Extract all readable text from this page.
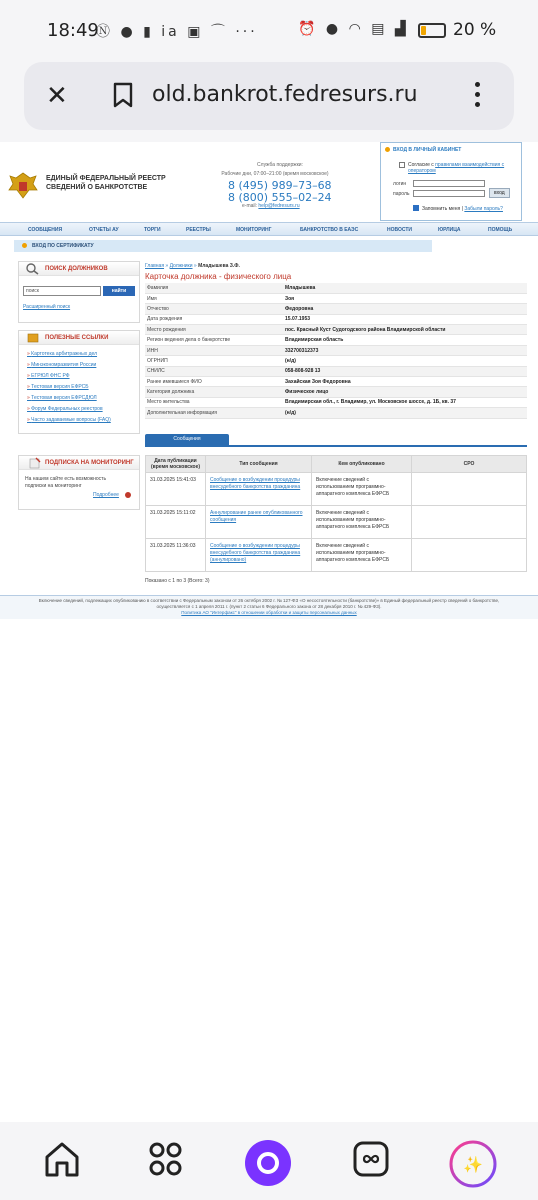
18:49
Ⓝ ● ▮ ia ▣ ⌒ ···	⏰ ● ◠ ▤ ▟	20 %
✕	old.bankrot.fedresurs.ru
ЕДИНЫЙ ФЕДЕРАЛЬНЫЙ РЕЕСТР
СВЕДЕНИЙ О БАНКРОТСТВЕ
Служба поддержки:
Рабочие дни, 07:00–21:00 (время московское)
8 (495) 989–73–68
8 (800) 555–02–24
e-mail: help@fedresurs.ru
ВХОД В ЛИЧНЫЙ КАБИНЕТ
Согласие с правилами взаимодействия с оператором
логин
пароль	вход
Запомнить меня | Забыли пароль?
СООБЩЕНИЯ	ОТЧЕТЫ АУ	ТОРГИ	РЕЕСТРЫ	МОНИТОРИНГ	БАНКРОТСТВО В ЕАЭС	НОВОСТИ	ЮРЛИЦА	ПОМОЩЬ
ВХОД ПО СЕРТИФИКАТУ
ПОИСК ДОЛЖНИКОВ
поиск	найти
Расширенный поиск
ПОЛЕЗНЫЕ ССЫЛКИ
» Картотека арбитражных дел
» Минэкономразвития России
» ЕГРЮЛ ФНС РФ
» Тестовая версия ЕФРСБ
» Тестовая версия ЕФРСДЮЛ
» Форум Федеральных реестров
» Часто задаваемые вопросы (FAQ)
ПОДПИСКА НА МОНИТОРИНГ
На нашем сайте есть возможность подписки на мониторинг
Подробнее
Главная » Должники » Младышева З.Ф.
Карточка должника - физического лица
Фамилия	Младышева
Имя	Зоя
Отчество	Федоровна
Дата рождения	15.07.1953
Место рождения	пос. Красный Куст Судогодского района Владимирской области
Регион ведения дела о банкротстве	Владимирская область
ИНН	332700312373
ОГРНИП	(н/д)
СНИЛС	058-808-928 13
Ранее имевшиеся ФИО	Захайская Зоя Федоровна
Категория должника	Физическое лицо
Место жительства	Владимирская обл., г. Владимир, ул. Московское шоссе, д. 1Б, кв. 37
Дополнительная информация	(н/д)
Сообщения
Дата публикации (время московское)	Тип сообщения	Кем опубликовано	СРО
31.03.2025 15:41:03	Сообщение о возбуждении процедуры внесудебного банкротства гражданина	Включение сведений с использованием программно-аппаратного комплекса ЕФРСБ	
31.03.2025 15:11:02	Аннулирование ранее опубликованного сообщения	Включение сведений с использованием программно-аппаратного комплекса ЕФРСБ	
31.03.2025 11:36:03	Сообщение о возбуждении процедуры внесудебного банкротства гражданина (аннулировано)	Включение сведений с использованием программно-аппаратного комплекса ЕФРСБ	
Показано с 1 по 3 (Всего: 3)
Включение сведений, подлежащих опубликованию в соответствии с Федеральным законом от 26 октября 2002 г. № 127-ФЗ «О несостоятельности (банкротстве)» в Единый федеральный реестр сведений о банкротстве,
осуществляется с 1 апреля 2011 г. (пункт 2 статьи 6 Федерального закона от 28 декабря 2010 г. № 429-ФЗ).
Политика АО "Интерфакс" в отношении обработки и защиты персональных данных
✨
